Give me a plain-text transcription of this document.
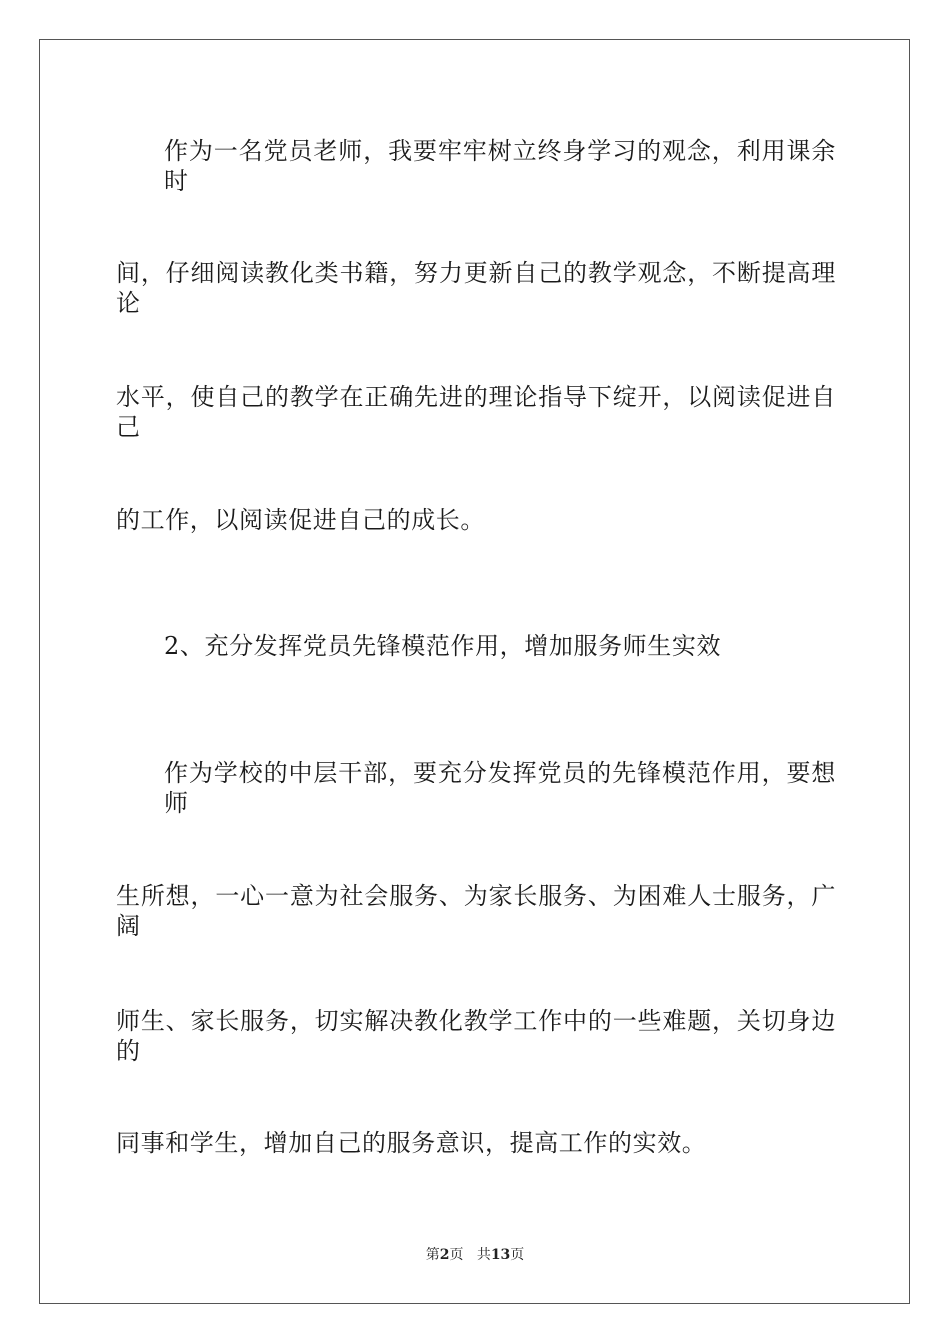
作为一名党员老师，我要牢牢树立终身学习的观念，利用课余时
间，仔细阅读教化类书籍，努力更新自己的教学观念，不断提高理论
水平，使自己的教学在正确先进的理论指导下绽开，以阅读促进自己
的工作，以阅读促进自己的成长。
2、充分发挥党员先锋模范作用，增加服务师生实效
作为学校的中层干部，要充分发挥党员的先锋模范作用，要想师
生所想，一心一意为社会服务、为家长服务、为困难人士服务，广阔
师生、家长服务，切实解决教化教学工作中的一些难题，关切身边的
同事和学生，增加自己的服务意识，提高工作的实效。
第2页 共13页
